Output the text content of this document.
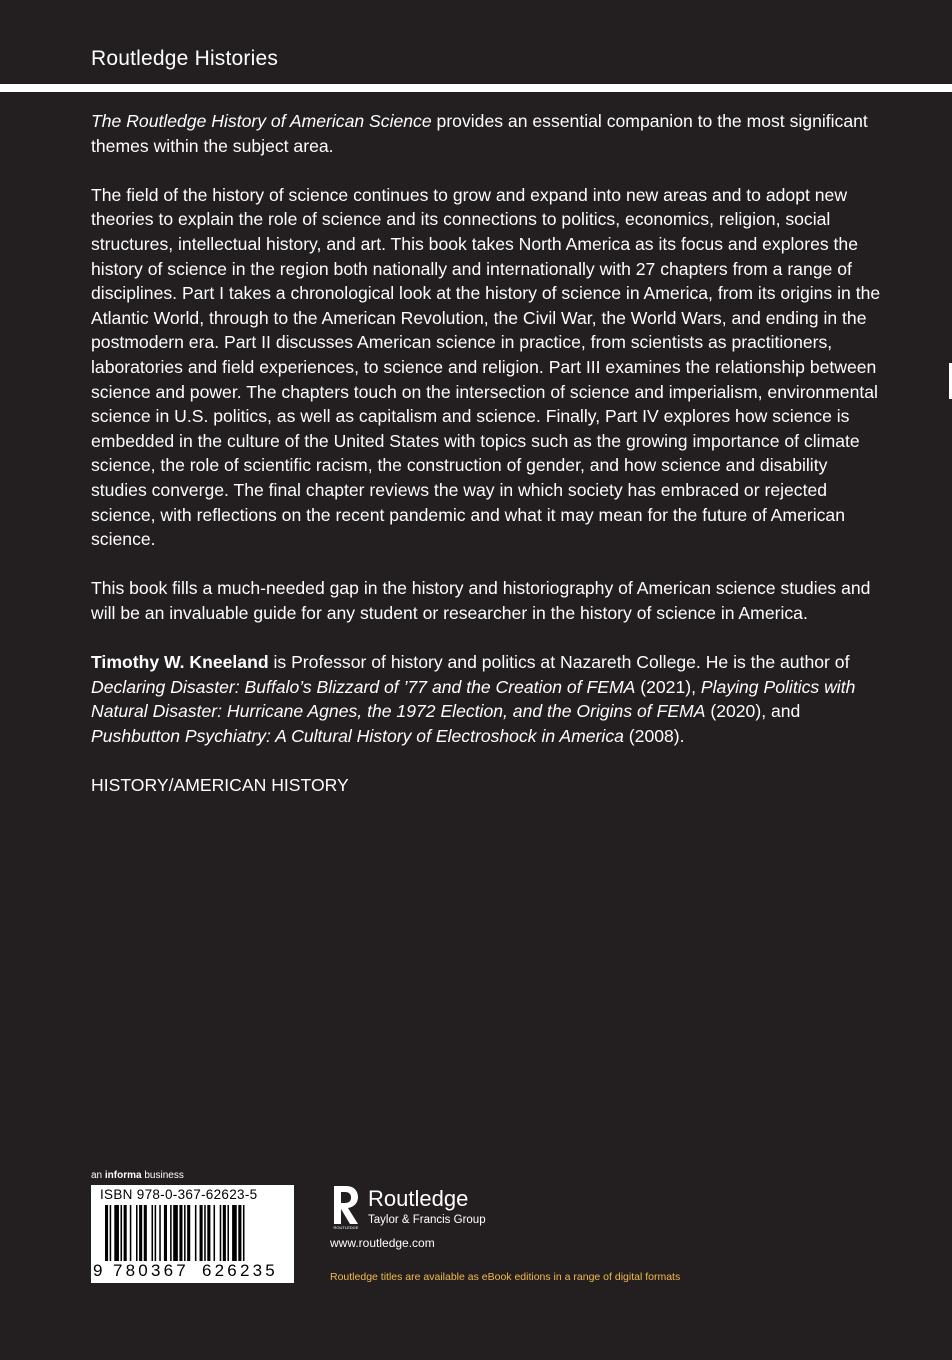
Routledge Histories

The Routledge History of American Science provides an essential companion to the most significant themes within the subject area.

The field of the history of science continues to grow and expand into new areas and to adopt new theories to explain the role of science and its connections to politics, economics, religion, social structures, intellectual history, and art. This book takes North America as its focus and explores the history of science in the region both nationally and internationally with 27 chapters from a range of disciplines. Part I takes a chronological look at the history of science in America, from its origins in the Atlantic World, through to the American Revolution, the Civil War, the World Wars, and ending in the postmodern era. Part II discusses American science in practice, from scientists as practitioners, laboratories and field experiences, to science and religion. Part III examines the relationship between science and power. The chapters touch on the intersection of science and imperialism, environmental science in U.S. politics, as well as capitalism and science. Finally, Part IV explores how science is embedded in the culture of the United States with topics such as the growing importance of climate science, the role of scientific racism, the construction of gender, and how science and disability studies converge. The final chapter reviews the way in which society has embraced or rejected science, with reflections on the recent pandemic and what it may mean for the future of American science.

This book fills a much-needed gap in the history and historiography of American science studies and will be an invaluable guide for any student or researcher in the history of science in America.

Timothy W. Kneeland is Professor of history and politics at Nazareth College. He is the author of Declaring Disaster: Buffalo’s Blizzard of ’77 and the Creation of FEMA (2021), Playing Politics with Natural Disaster: Hurricane Agnes, the 1972 Election, and the Origins of FEMA (2020), and Pushbutton Psychiatry: A Cultural History of Electroshock in America (2008).

HISTORY/AMERICAN HISTORY

an informa business
ISBN 978-0-367-62623-5
9 780367 626235
ROUTLEDGE
Routledge
Taylor & Francis Group
www.routledge.com
Routledge titles are available as eBook editions in a range of digital formats
